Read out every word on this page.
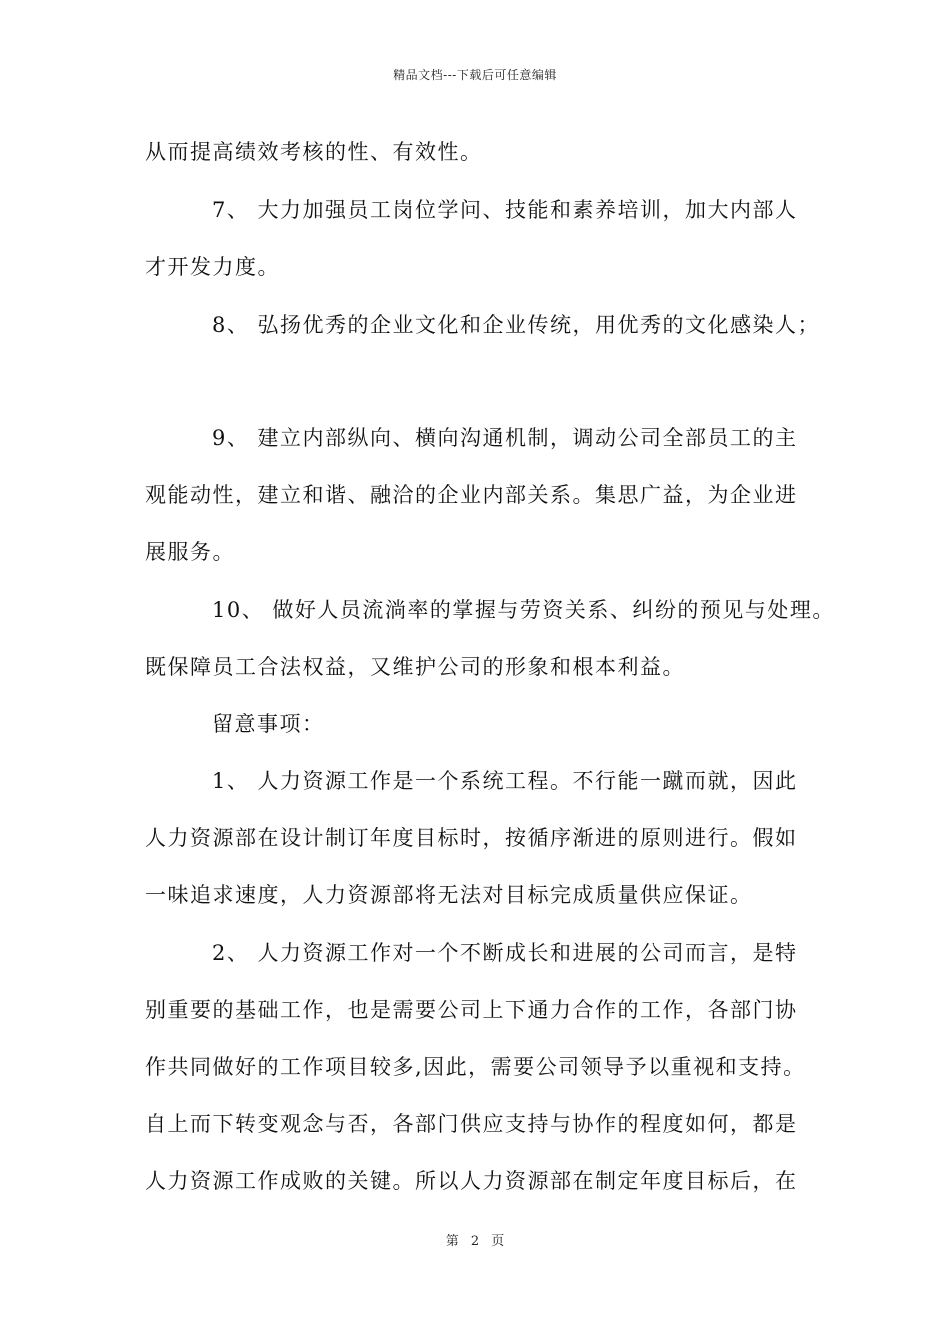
精品文档---下载后可任意编辑
从而提高绩效考核的性、有效性。
7、 大力加强员工岗位学问、技能和素养培训，加大内部人
才开发力度。
8、 弘扬优秀的企业文化和企业传统，用优秀的文化感染人；
9、 建立内部纵向、横向沟通机制，调动公司全部员工的主
观能动性，建立和谐、融洽的企业内部关系。集思广益，为企业进
展服务。
10、 做好人员流淌率的掌握与劳资关系、纠纷的预见与处理。
既保障员工合法权益，又维护公司的形象和根本利益。
留意事项：
1、 人力资源工作是一个系统工程。不行能一蹴而就，因此
人力资源部在设计制订年度目标时，按循序渐进的原则进行。假如
一味追求速度，人力资源部将无法对目标完成质量供应保证。
2、 人力资源工作对一个不断成长和进展的公司而言，是特
别重要的基础工作，也是需要公司上下通力合作的工作，各部门协
作共同做好的工作项目较多,因此，需要公司领导予以重视和支持。
自上而下转变观念与否，各部门供应支持与协作的程度如何，都是
人力资源工作成败的关键。所以人力资源部在制定年度目标后，在
第 2 页
